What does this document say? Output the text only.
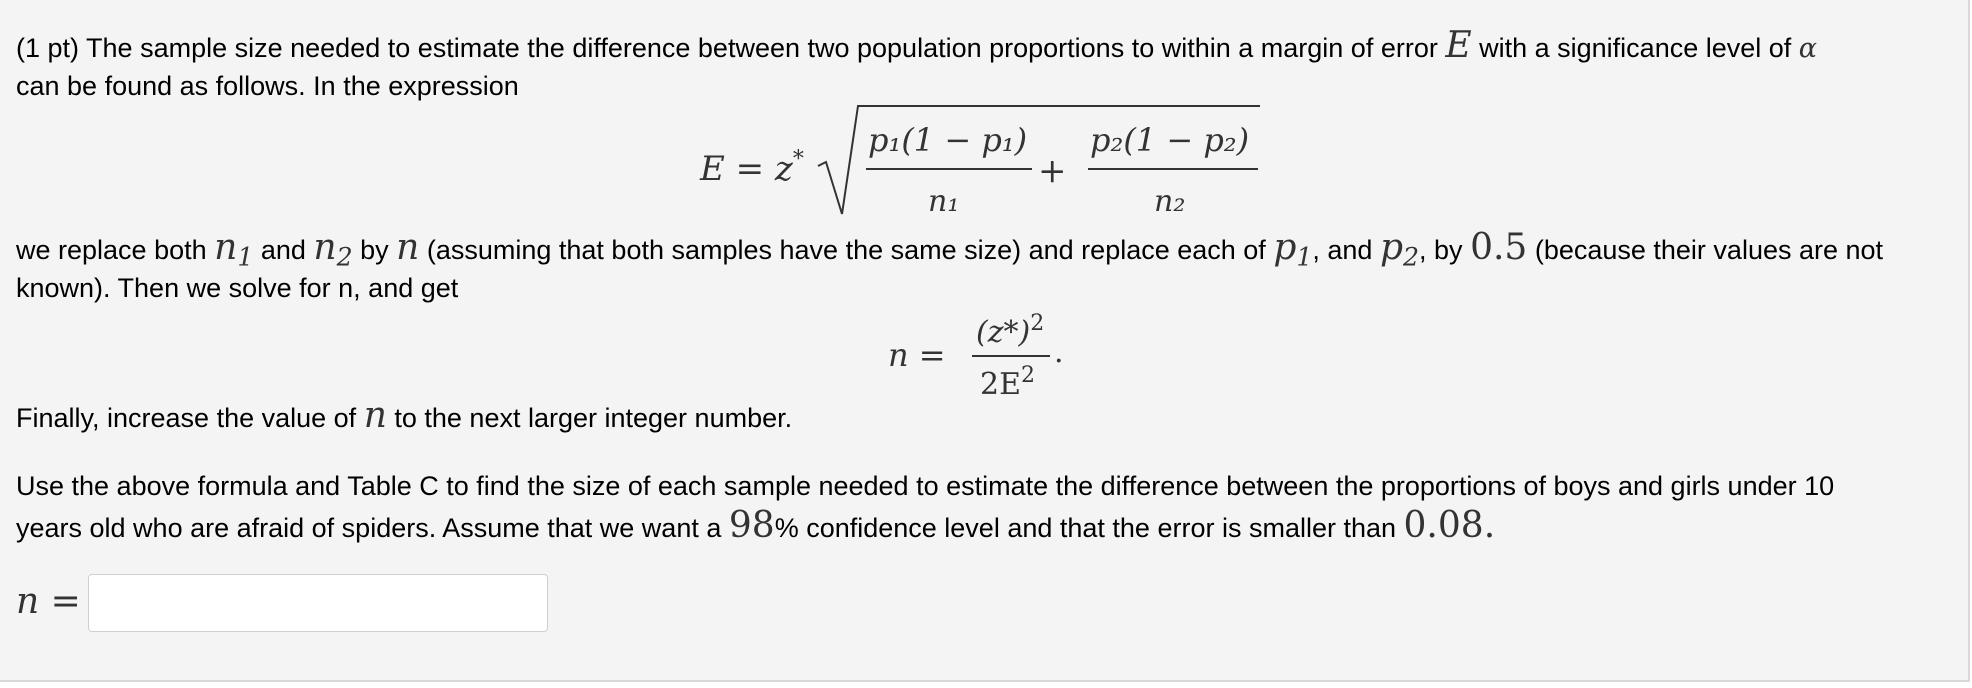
(1 pt) The sample size needed to estimate the difference between two population proportions to within a margin of error E with a significance level of α
can be found as follows. In the expression
E = z*
p₁(1 − p₁)
n₁
+
p₂(1 − p₂)
n₂
we replace both $n_1$ and $n_2$ by n (assuming that both samples have the same size) and replace each of $p_1$, and $p_2$, by 0.5 (because their values are not
known). Then we solve for n, and get
n =
$(z*)^2$
$2E^2$
.
Finally, increase the value of n to the next larger integer number.
Use the above formula and Table C to find the size of each sample needed to estimate the difference between the proportions of boys and girls under 10
years old who are afraid of spiders. Assume that we want a 98% confidence level and that the error is smaller than 0.08.
n =
